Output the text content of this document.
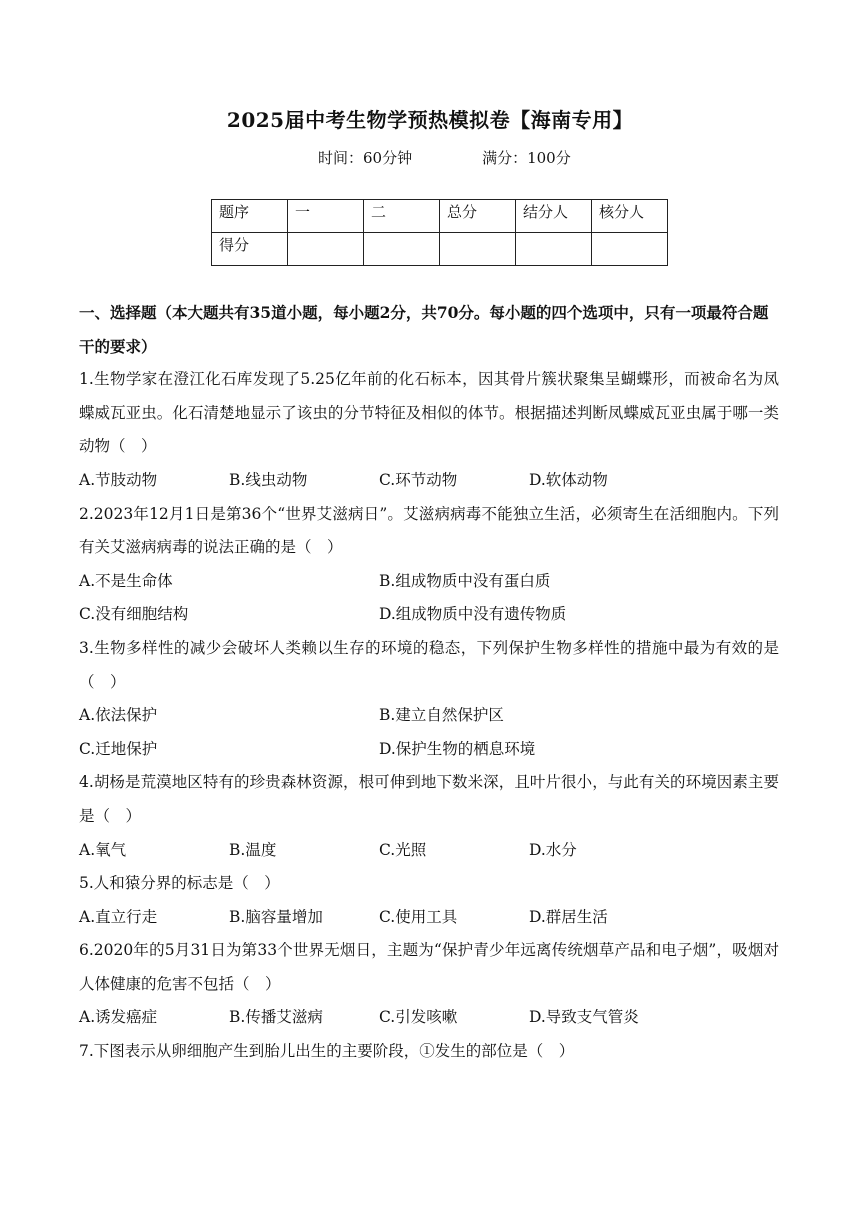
2025届中考生物学预热模拟卷【海南专用】
时间：60分钟	满分：100分
题序	一	二	总分	结分人	核分人
得分					
一、选择题（本大题共有35道小题，每小题2分，共70分。每小题的四个选项中，只有一项最符合题干的要求）
1.生物学家在澄江化石库发现了5.25亿年前的化石标本，因其骨片簇状聚集呈蝴蝶形，而被命名为凤蝶威瓦亚虫。化石清楚地显示了该虫的分节特征及相似的体节。根据描述判断凤蝶威瓦亚虫属于哪一类动物（　）
A.节肢动物	B.线虫动物	C.环节动物	D.软体动物
2.2023年12月1日是第36个“世界艾滋病日”。艾滋病病毒不能独立生活，必须寄生在活细胞内。下列有关艾滋病病毒的说法正确的是（　）
A.不是生命体	B.组成物质中没有蛋白质
C.没有细胞结构	D.组成物质中没有遗传物质
3.生物多样性的减少会破坏人类赖以生存的环境的稳态，下列保护生物多样性的措施中最为有效的是（　）
A.依法保护	B.建立自然保护区
C.迁地保护	D.保护生物的栖息环境
4.胡杨是荒漠地区特有的珍贵森林资源，根可伸到地下数米深，且叶片很小，与此有关的环境因素主要是（　）
A.氧气	B.温度	C.光照	D.水分
5.人和猿分界的标志是（　）
A.直立行走	B.脑容量增加	C.使用工具	D.群居生活
6.2020年的5月31日为第33个世界无烟日，主题为“保护青少年远离传统烟草产品和电子烟”，吸烟对人体健康的危害不包括（　）
A.诱发癌症	B.传播艾滋病	C.引发咳嗽	D.导致支气管炎
7.下图表示从卵细胞产生到胎儿出生的主要阶段，①发生的部位是（　）
